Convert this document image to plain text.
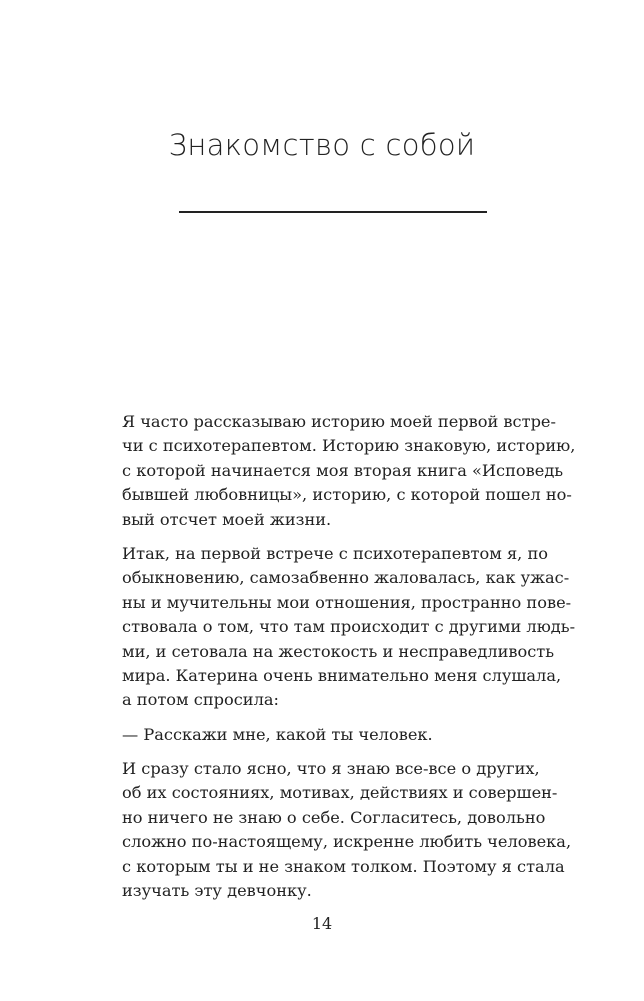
Знакомство с собой
Я часто рассказываю историю моей первой встре-
чи с психотерапевтом. Историю знаковую, историю,
с которой начинается моя вторая книга «Исповедь
бывшей любовницы», историю, с которой пошел но-
вый отсчет моей жизни.
Итак, на первой встрече с психотерапевтом я, по
обыкновению, самозабвенно жаловалась, как ужас-
ны и мучительны мои отношения, пространно пове-
ствовала о том, что там происходит с другими людь-
ми, и сетовала на жестокость и несправедливость
мира. Катерина очень внимательно меня слушала,
а потом спросила:
— Расскажи мне, какой ты человек.
И сразу стало ясно, что я знаю все-все о других,
об их состояниях, мотивах, действиях и совершен-
но ничего не знаю о себе. Согласитесь, довольно
сложно по-настоящему, искренне любить человека,
с которым ты и не знаком толком. Поэтому я стала
изучать эту девчонку.
14
